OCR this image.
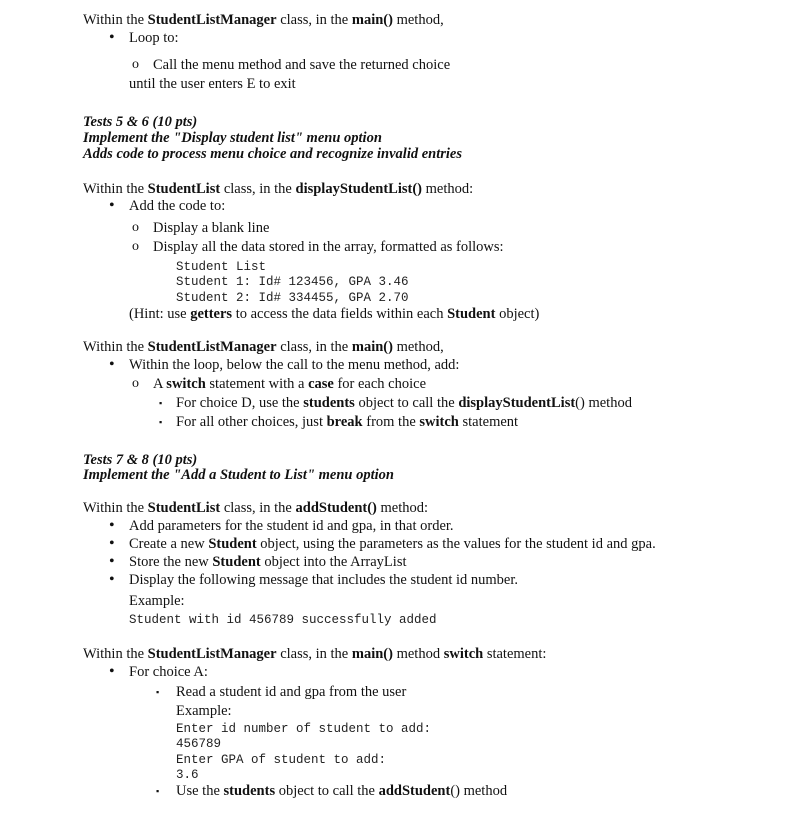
Within the StudentListManager class, in the main() method,
• Loop to:
o Call the menu method and save the returned choice
until the user enters E to exit
Tests 5 & 6 (10 pts)
Implement the "Display student list" menu option
Adds code to process menu choice and recognize invalid entries
Within the StudentList class, in the displayStudentList() method:
• Add the code to:
o Display a blank line
o Display all the data stored in the array, formatted as follows:
Student List
Student 1: Id# 123456, GPA 3.46
Student 2: Id# 334455, GPA 2.70
(Hint: use getters to access the data fields within each Student object)
Within the StudentListManager class, in the main() method,
• Within the loop, below the call to the menu method, add:
o A switch statement with a case for each choice
▪ For choice D, use the students object to call the displayStudentList() method
▪ For all other choices, just break from the switch statement
Tests 7 & 8 (10 pts)
Implement the "Add a Student to List" menu option
Within the StudentList class, in the addStudent() method:
• Add parameters for the student id and gpa, in that order.
• Create a new Student object, using the parameters as the values for the student id and gpa.
• Store the new Student object into the ArrayList
• Display the following message that includes the student id number.
Example:
Student with id 456789 successfully added
Within the StudentListManager class, in the main() method switch statement:
• For choice A:
▪ Read a student id and gpa from the user
Example:
Enter id number of student to add:
456789
Enter GPA of student to add:
3.6
▪ Use the students object to call the addStudent() method
